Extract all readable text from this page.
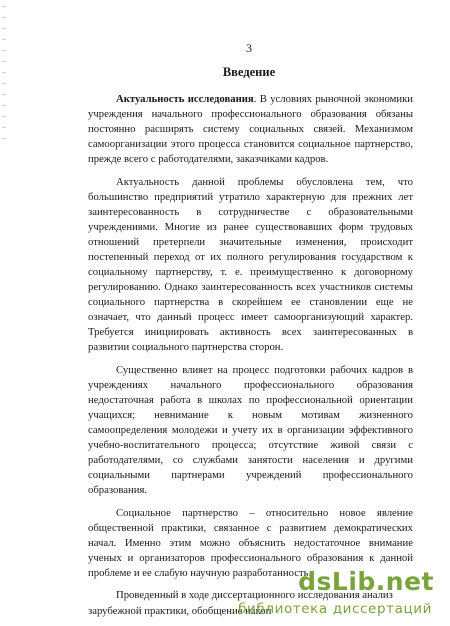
3
Введение

Актуальность исследования. В условиях рыночной экономики учреждения начального профессионального образования обязаны постоянно расширять систему социальных связей. Механизмом самоорганизации этого процесса становится социальное партнерство, прежде всего с работодателями, заказчиками кадров.

Актуальность данной проблемы обусловлена тем, что большинство предприятий утратило характерную для прежних лет заинтересованность в сотрудничестве с образовательными учреждениями. Многие из ранее существовавших форм трудовых отношений претерпели значительные изменения, происходит постепенный переход от их полного регулирования государством к социальному партнерству, т. е. преимущественно к договорному регулированию. Однако заинтересованность всех участников системы социального партнерства в скорейшем ее становлении еще не означает, что данный процесс имеет самоорганизующий характер. Требуется инициировать активность всех заинтересованных в развитии социального партнерства сторон.

Существенно влияет на процесс подготовки рабочих кадров в учреждениях начального профессионального образования недостаточная работа в школах по профессиональной ориентации учащихся; невнимание к новым мотивам жизненного самоопределения молодежи и учету их в организации эффективного учебно-воспитательного процесса; отсутствие живой связи с работодателями, со службами занятости населения и другими социальными партнерами учреждений профессионального образования.

Социальное партнерство – относительно новое явление общественной практики, связанное с развитием демократических начал. Именно этим можно объяснить недостаточное внимание ученых и организаторов профессионального образования к данной проблеме и ее слабую научную разработанность.

Проведенный в ходе диссертационного исследования анализ

зарубежной практики, обобщение накоп
dsLib.net
библиотека диссертаций
